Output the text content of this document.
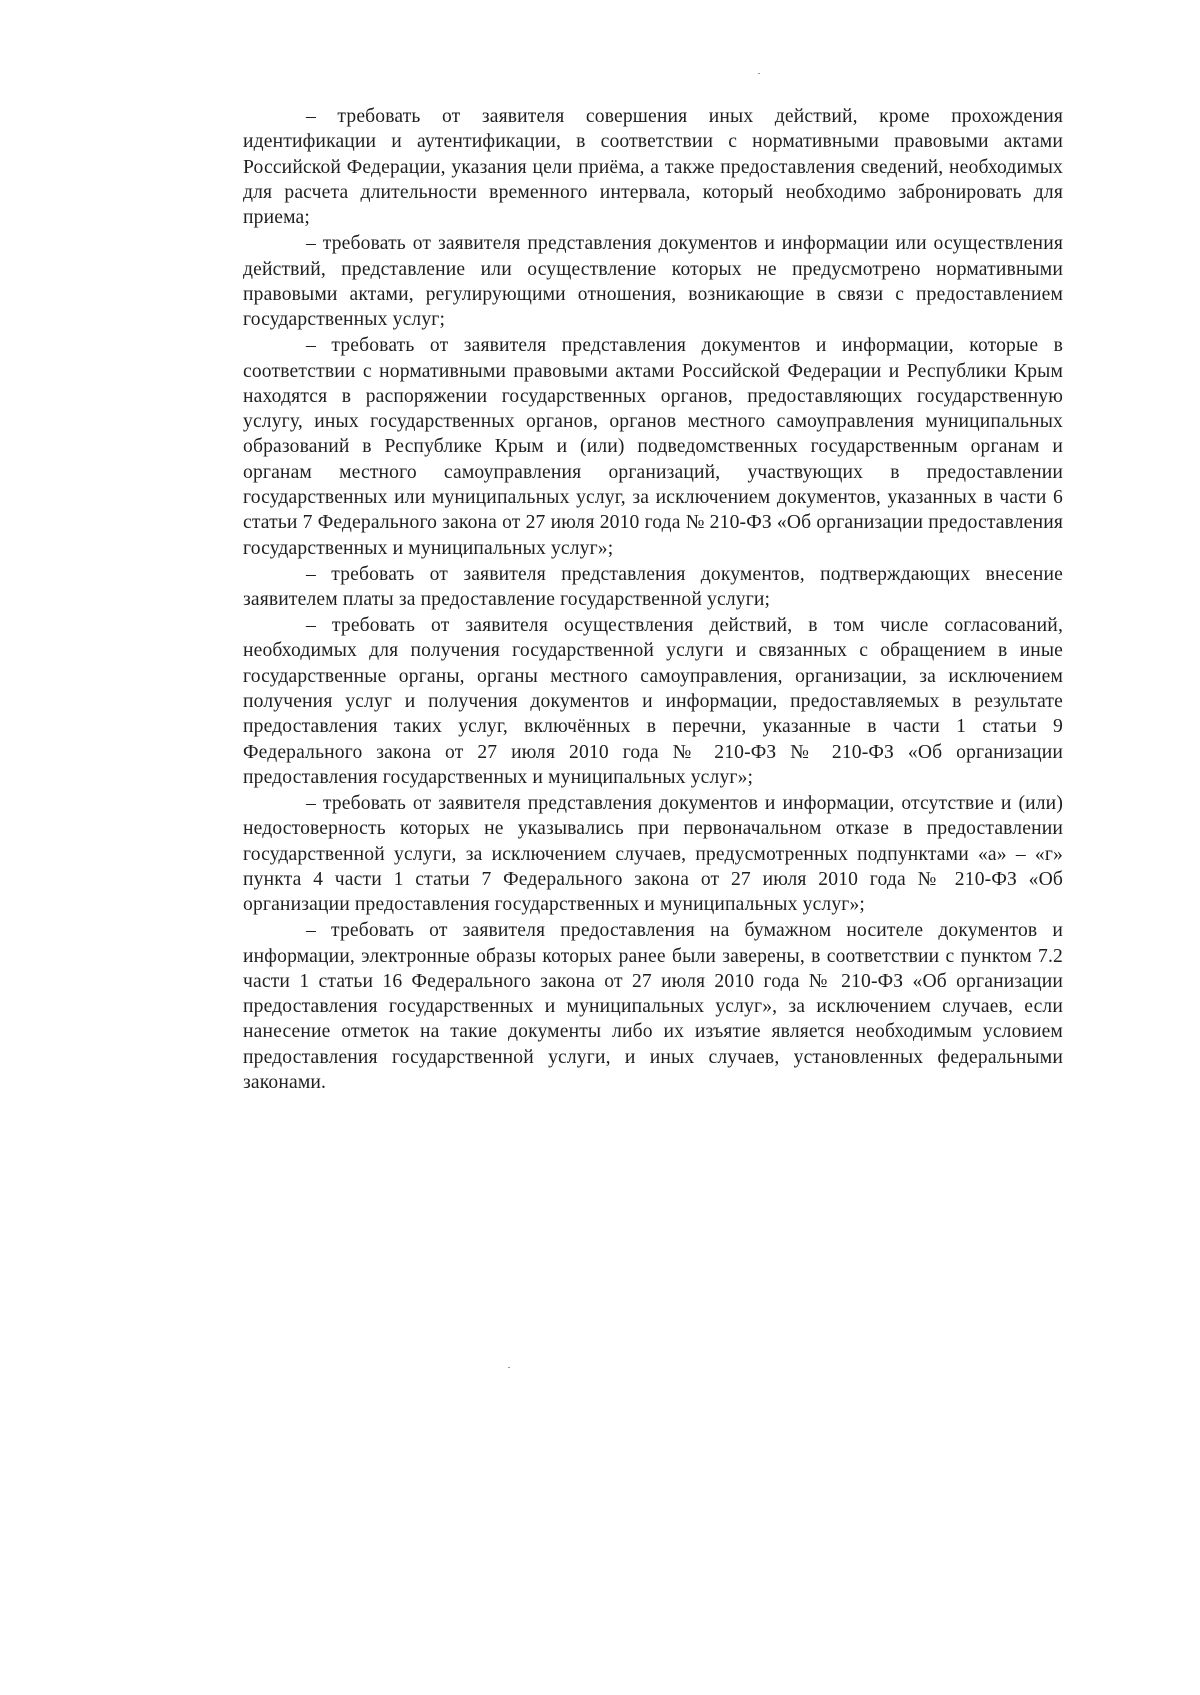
– требовать от заявителя совершения иных действий, кроме прохождения идентификации и аутентификации, в соответствии с нормативными правовыми актами Российской Федерации, указания цели приёма, а также предоставления сведений, необходимых для расчета длительности временного интервала, который необходимо забронировать для приема;

– требовать от заявителя представления документов и информации или осуществления действий, представление или осуществление которых не предусмотрено нормативными правовыми актами, регулирующими отношения, возникающие в связи с предоставлением государственных услуг;

– требовать от заявителя представления документов и информации, которые в соответствии с нормативными правовыми актами Российской Федерации и Республики Крым находятся в распоряжении государственных органов, предоставляющих государственную услугу, иных государственных органов, органов местного самоуправления муниципальных образований в Республике Крым и (или) подведомственных государственным органам и органам местного самоуправления организаций, участвующих в предоставлении государственных или муниципальных услуг, за исключением документов, указанных в части 6 статьи 7 Федерального закона от 27 июля 2010 года № 210-ФЗ «Об организации предоставления государственных и муниципальных услуг»;

– требовать от заявителя представления документов, подтверждающих внесение заявителем платы за предоставление государственной услуги;

– требовать от заявителя осуществления действий, в том числе согласований, необходимых для получения государственной услуги и связанных с обращением в иные государственные органы, органы местного самоуправления, организации, за исключением получения услуг и получения документов и информации, предоставляемых в результате предоставления таких услуг, включённых в перечни, указанные в части 1 статьи 9 Федерального закона от 27 июля 2010 года № 210-ФЗ № 210-ФЗ «Об организации предоставления государственных и муниципальных услуг»;

– требовать от заявителя представления документов и информации, отсутствие и (или) недостоверность которых не указывались при первоначальном отказе в предоставлении государственной услуги, за исключением случаев, предусмотренных подпунктами «а» – «г» пункта 4 части 1 статьи 7 Федерального закона от 27 июля 2010 года № 210-ФЗ «Об организации предоставления государственных и муниципальных услуг»;

– требовать от заявителя предоставления на бумажном носителе документов и информации, электронные образы которых ранее были заверены, в соответствии с пунктом 7.2 части 1 статьи 16 Федерального закона от 27 июля 2010 года № 210-ФЗ «Об организации предоставления государственных и муниципальных услуг», за исключением случаев, если нанесение отметок на такие документы либо их изъятие является необходимым условием предоставления государственной услуги, и иных случаев, установленных федеральными законами.
